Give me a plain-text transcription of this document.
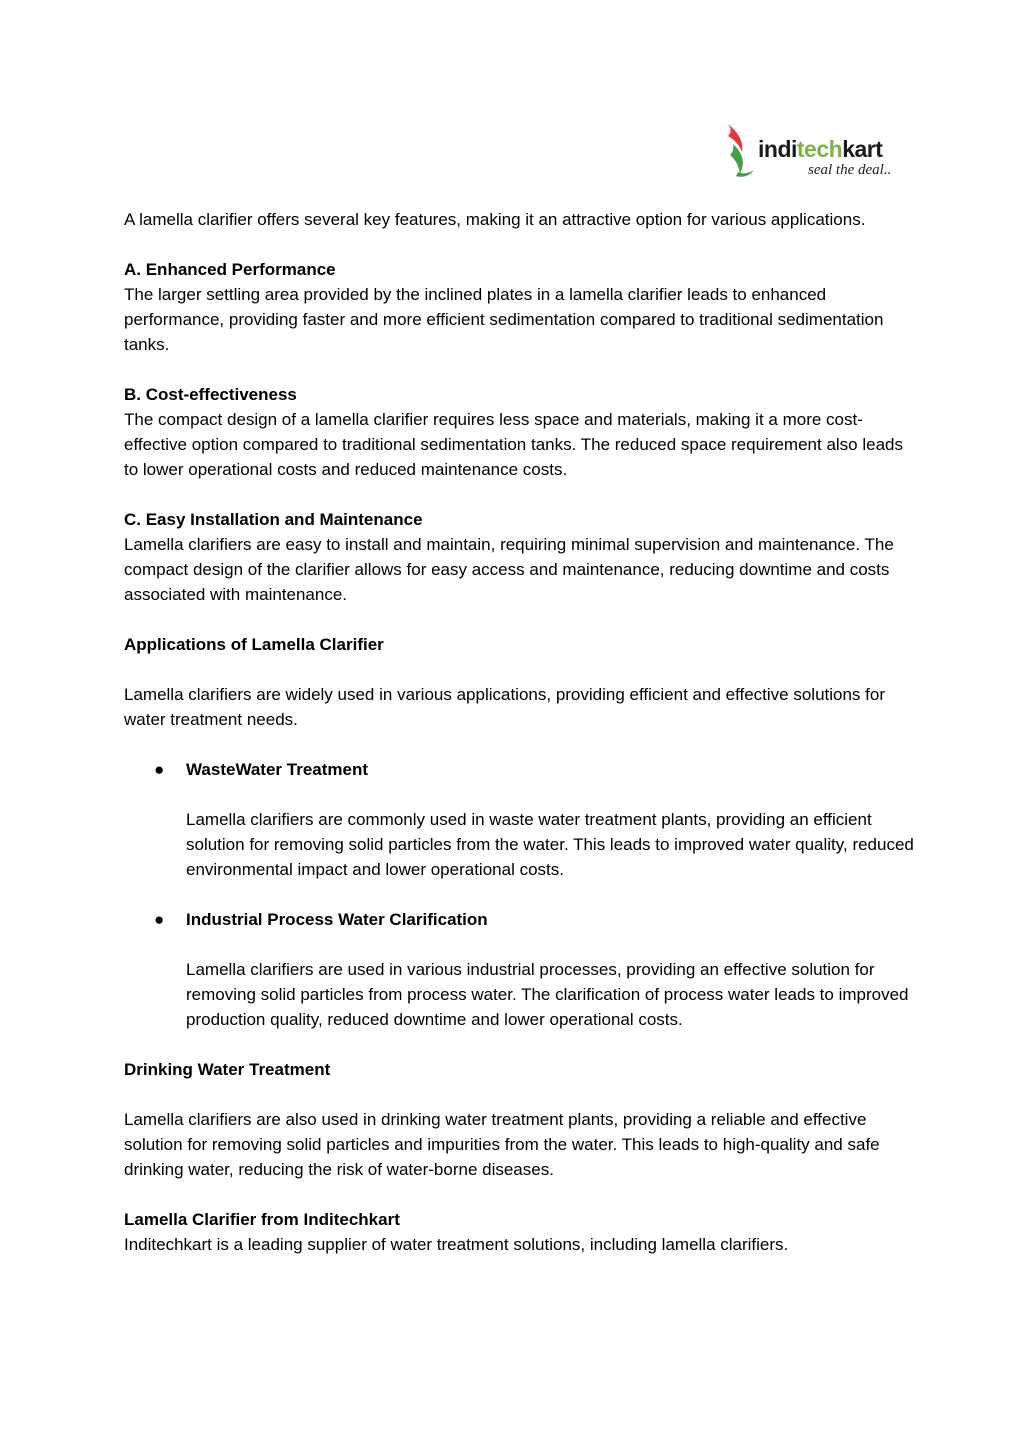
inditechkart
seal the deal..

A lamella clarifier offers several key features, making it an attractive option for various applications.

A. Enhanced Performance

The larger settling area provided by the inclined plates in a lamella clarifier leads to enhanced performance, providing faster and more efficient sedimentation compared to traditional sedimentation tanks.

B. Cost-effectiveness

The compact design of a lamella clarifier requires less space and materials, making it a more cost-effective option compared to traditional sedimentation tanks. The reduced space requirement also leads to lower operational costs and reduced maintenance costs.

C. Easy Installation and Maintenance

Lamella clarifiers are easy to install and maintain, requiring minimal supervision and maintenance. The compact design of the clarifier allows for easy access and maintenance, reducing downtime and costs associated with maintenance.

Applications of Lamella Clarifier

Lamella clarifiers are widely used in various applications, providing efficient and effective solutions for water treatment needs.

● WasteWater Treatment

Lamella clarifiers are commonly used in waste water treatment plants, providing an efficient solution for removing solid particles from the water. This leads to improved water quality, reduced environmental impact and lower operational costs.

● Industrial Process Water Clarification

Lamella clarifiers are used in various industrial processes, providing an effective solution for removing solid particles from process water. The clarification of process water leads to improved production quality, reduced downtime and lower operational costs.

Drinking Water Treatment

Lamella clarifiers are also used in drinking water treatment plants, providing a reliable and effective solution for removing solid particles and impurities from the water. This leads to high-quality and safe drinking water, reducing the risk of water-borne diseases.

Lamella Clarifier from Inditechkart

Inditechkart is a leading supplier of water treatment solutions, including lamella clarifiers.
